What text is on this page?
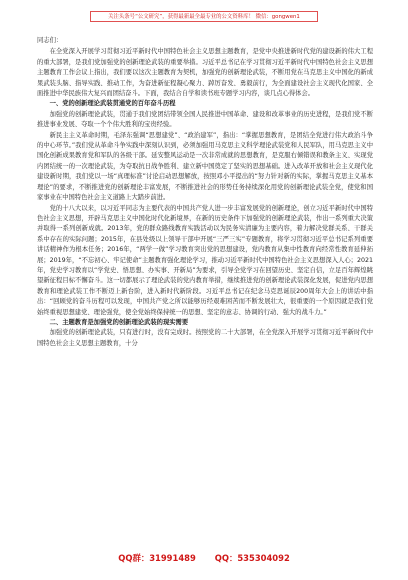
关注头条号“公文研究”，获得最新最全最专业的公文资料库！ 微信：gongwen1

同志们：

在全党深入开展学习贯彻习近平新时代中国特色社会主义思想主题教育，是党中央推进新时代党的建设新的伟大工程的重大部署，是我们党加强党的创新理论武装的重要举措。习近平总书记在学习贯彻习近平新时代中国特色社会主义思想主题教育工作会议上指出，我们要以这次主题教育为契机，加强党的创新理论武装，不断用党在马克思主义中国化的新成果武装头脑、指导实践、推动工作，为奋进新征程凝心聚力、踔厉奋发、勇毅前行，为全面建设社会主义现代化国家、全面推进中华民族伟大复兴而团结奋斗。下面，我结合自学和读书班专题学习内容，谈几点心得体会。

一、党的创新理论武装贯通党的百年奋斗历程

加强党的创新理论武装，贯通于我们党团结带领全国人民推进中国革命、建设和改革事业的历史进程，是我们党不断推进事业发展、夺取一个个伟大胜利的宝贵经验。

新民主主义革命时期，毛泽东强调“思想建党”、“政治建军”，指出：“掌握思想教育，是团结全党进行伟大政治斗争的中心环节。”我们党从革命斗争实践中深刻认识到，必须加强用马克思主义科学理论武装党和人民军队，用马克思主义中国化创新成果教育党和军队的各级干部。延安整风运动是一次非常成就的思想教育，是克服右倾错误和教条主义、实现党内团结统一的一次理论武装，为夺取抗日战争胜利、建立新中国奠定了坚实的思想基础。进入改革开放和社会主义现代化建设新时期，我们党以一场“真理标准”讨论启动思想解放，按照邓小平提出的“努力针对新的实际，掌握马克思主义基本理论”的要求，不断推进党的创新理论丰富发展，不断推进社会的形势任务持续深化用党的创新理论武装全党，使党和国家事业在中国特色社会主义道路上大踏步前进。

党的十八大以来，以习近平同志为主要代表的中国共产党人进一步丰富发展党的创新理论，创立习近平新时代中国特色社会主义思想，开辟马克思主义中国化时代化新境界，在新的历史条件下加强党的创新理论武装，作出一系列重大决策并取得一系列创新成就。2013年，党的群众路线教育实践活动以为民务实清廉为主要内容，着力解决党群关系、干群关系中存在的实际问题；2015年，在县处级以上领导干部中开展“三严三实”专题教育，将学习贯彻习近平总书记系列重要讲话精神作为根本任务；2016年，“两学一做”学习教育突出党的思想建设，党内教育从集中性教育向经常性教育延伸拓展；2019年，“不忘初心、牢记使命”主题教育强化理论学习，推动习近平新时代中国特色社会主义思想深入人心；2021年，党史学习教育以“学党史、悟思想、办实事、开新局”为要求，引导全党学习在回望历史、坚定自信，立足百年辉煌眺望新征程目标不懈奋斗。这一切都展示了理论武装的党内教育举措，继续推进党的创新理论武装深化发展，促进党内思想教育和理论武装工作不断迈上新台阶，进入新时代新阶段。习近平总书记在纪念马克思诞辰200周年大会上的讲话中指出：“回顾党的奋斗历程可以发现，中国共产党之所以能够历经艰难困苦而不断发展壮大，很重要的一个原因就是我们党始终重视思想建党、理论强党，使全党始终保持统一的思想、坚定的意志、协调的行动、强大的战斗力。”

二、主题教育是加强党的创新理论武装的现实需要

加强党的创新理论武装，只有进行时，没有完成时。按照党的二十大部署，在全党深入开展学习贯彻习近平新时代中国特色社会主义思想主题教育，十分

QQ群：31991489 QQ：535304092
